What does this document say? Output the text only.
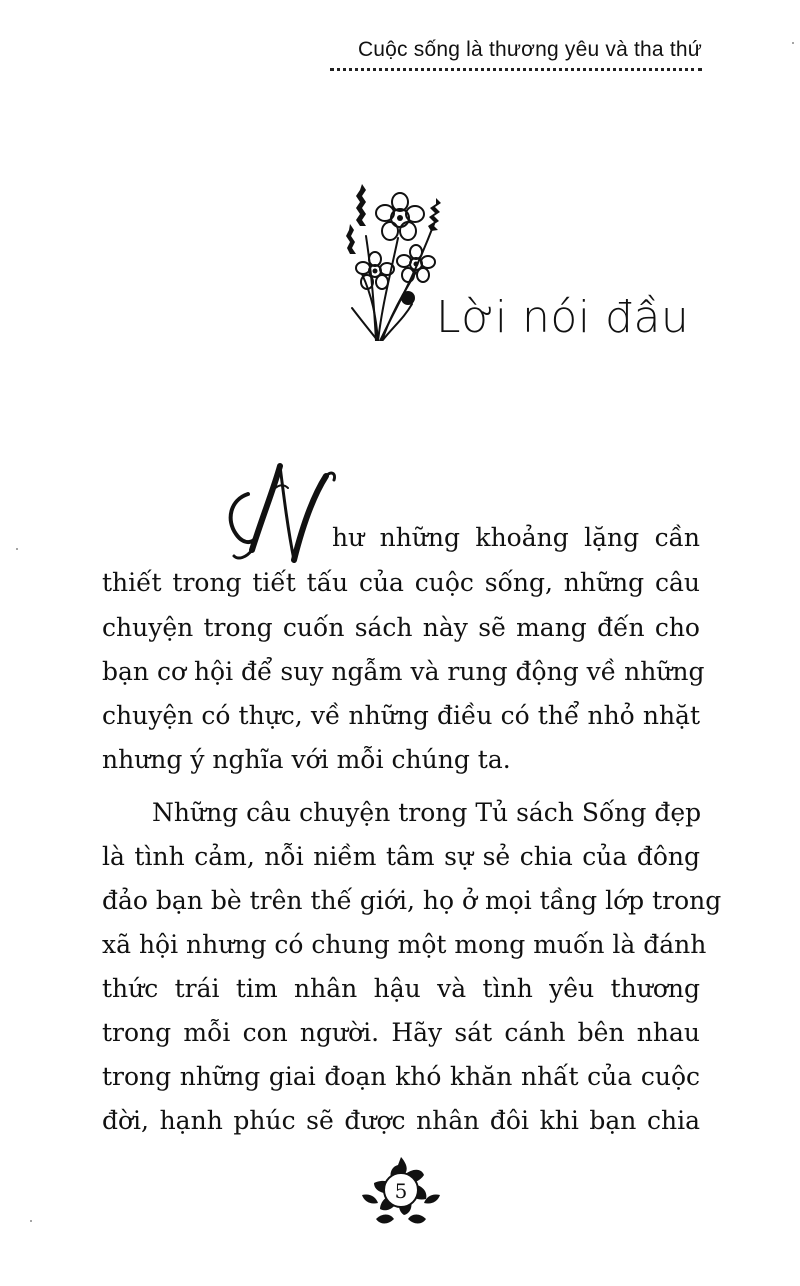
Cuộc sống là thương yêu và tha thứ
Lời nói đầu
hư những khoảng lặng cần
thiết trong tiết tấu của cuộc sống, những câu
chuyện trong cuốn sách này sẽ mang đến cho
bạn cơ hội để suy ngẫm và rung động về những
chuyện có thực, về những điều có thể nhỏ nhặt
nhưng ý nghĩa với mỗi chúng ta.
Những câu chuyện trong Tủ sách Sống đẹp
là tình cảm, nỗi niềm tâm sự sẻ chia của đông
đảo bạn bè trên thế giới, họ ở mọi tầng lớp trong
xã hội nhưng có chung một mong muốn là đánh
thức trái tim nhân hậu và tình yêu thương
trong mỗi con người. Hãy sát cánh bên nhau
trong những giai đoạn khó khăn nhất của cuộc
đời, hạnh phúc sẽ được nhân đôi khi bạn chia
5
